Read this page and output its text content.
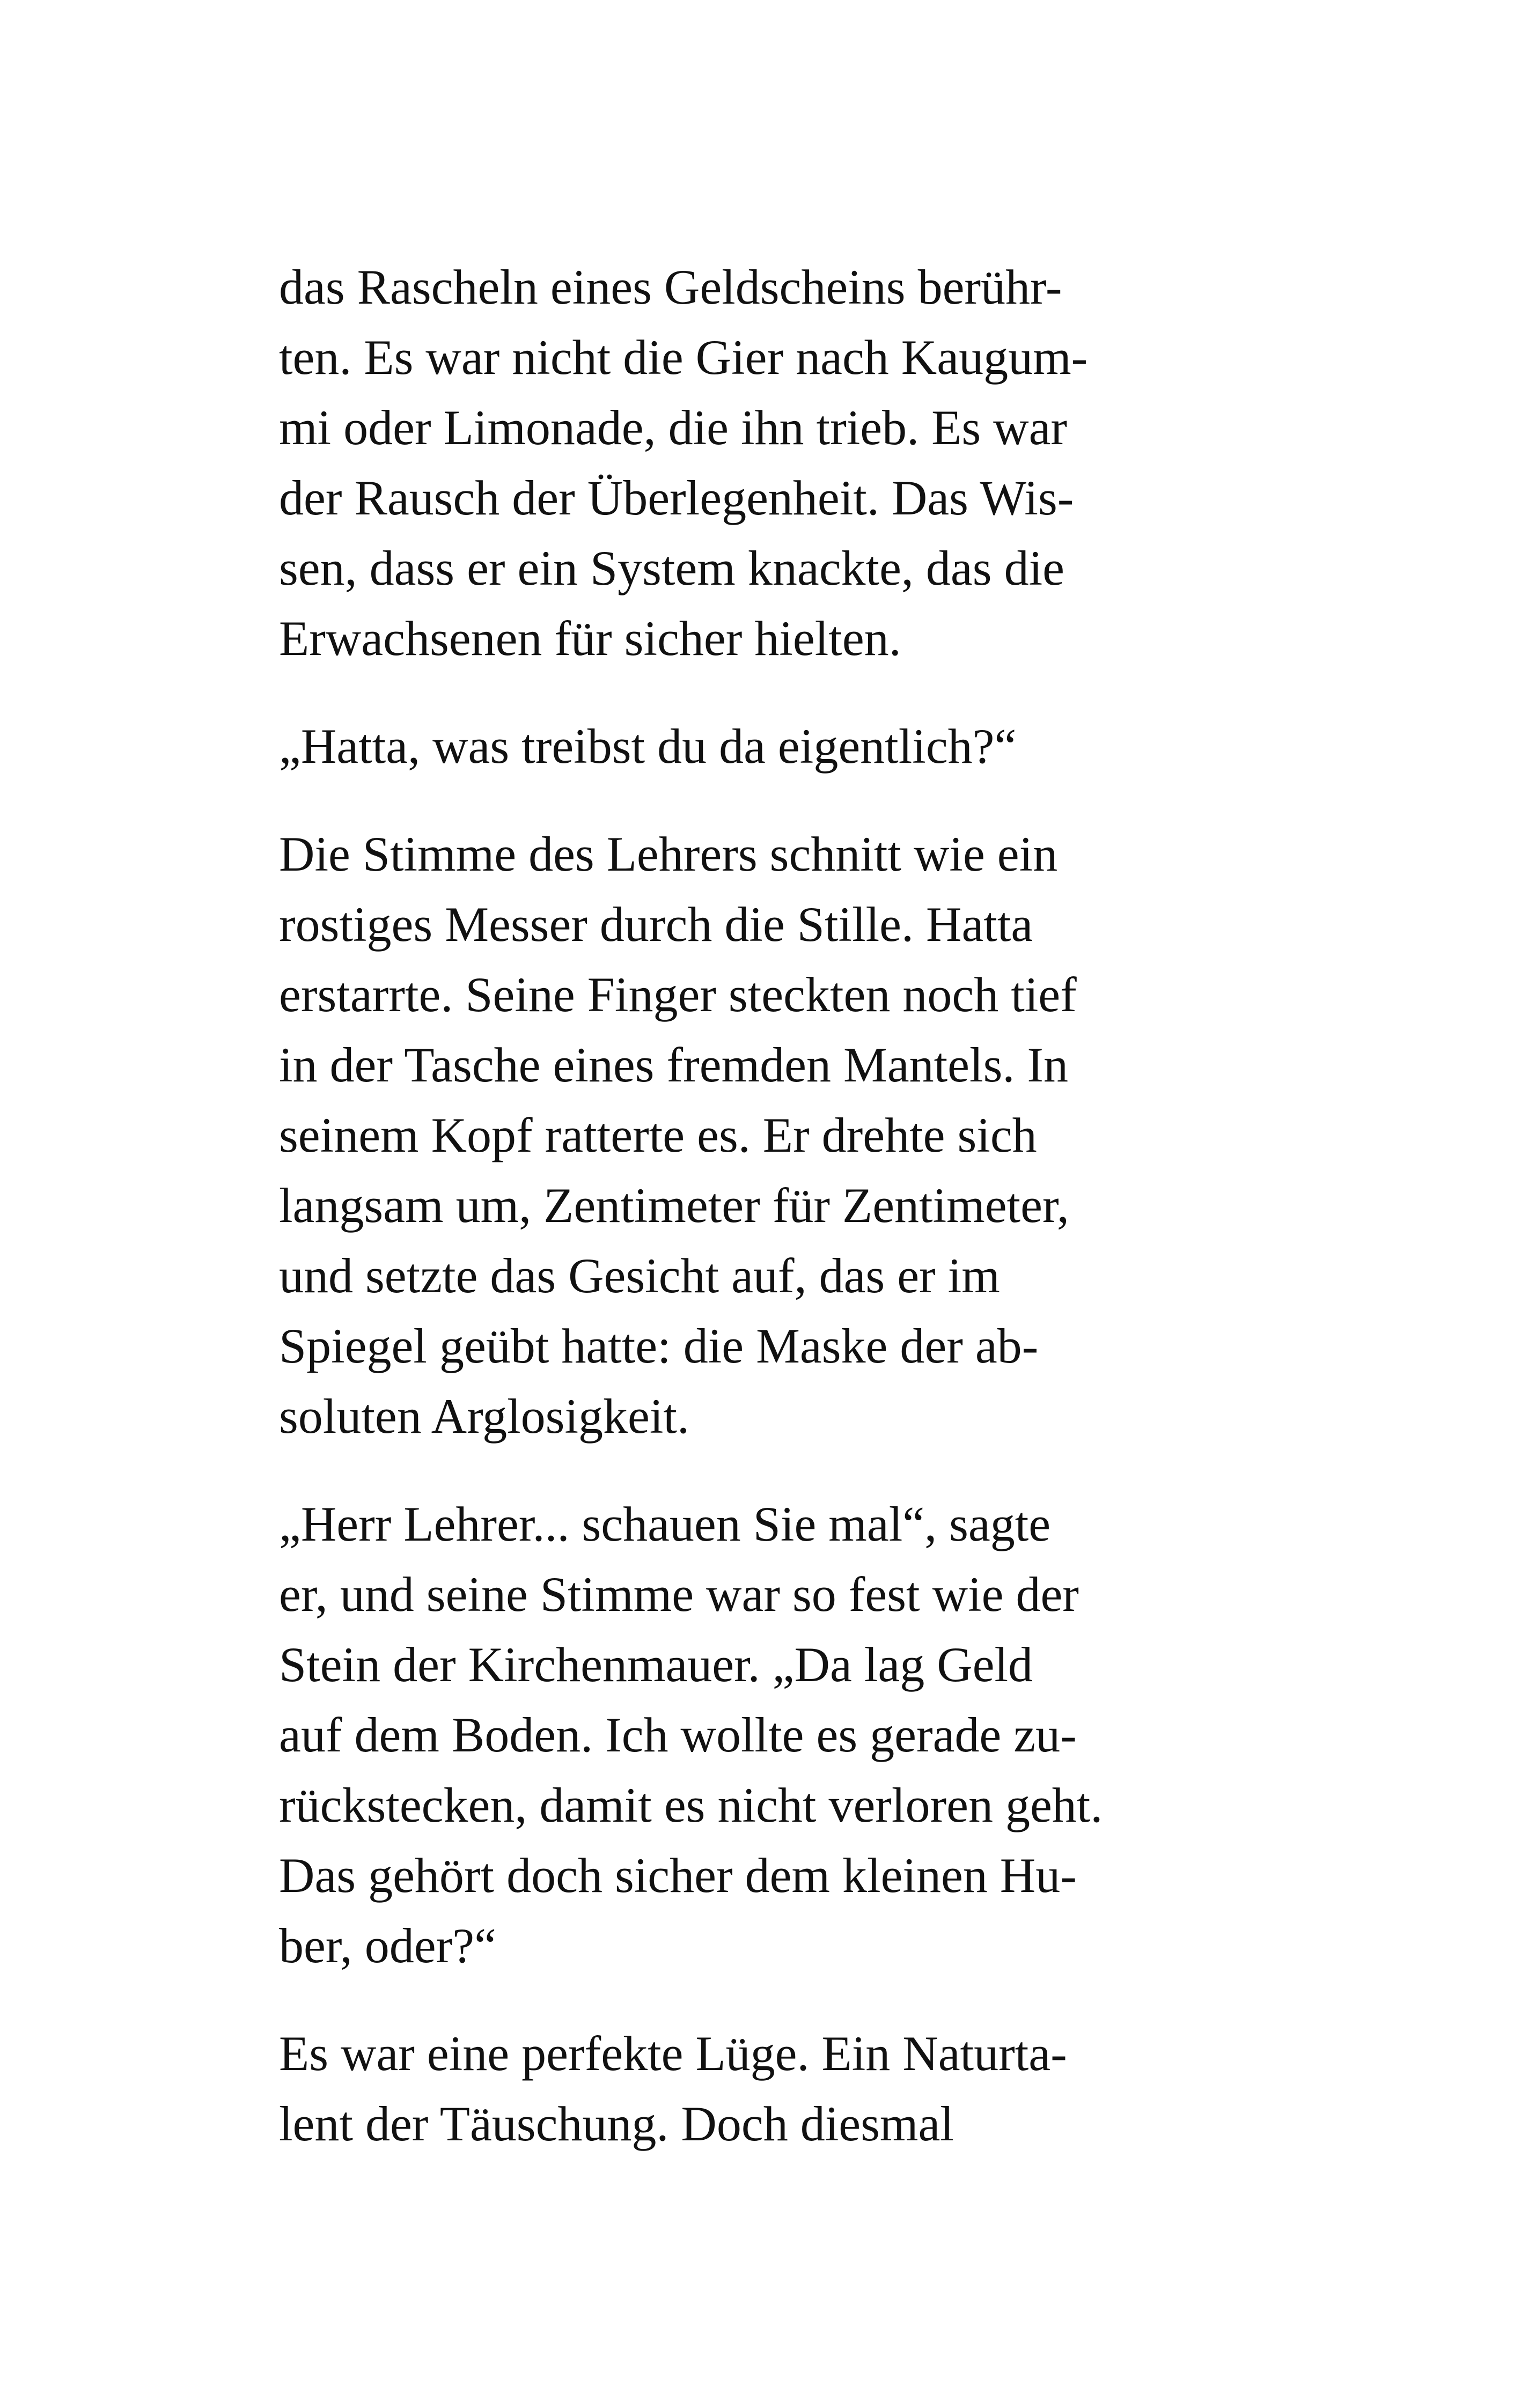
das Rascheln eines Geldscheins berühr-
ten. Es war nicht die Gier nach Kaugum-
mi oder Limonade, die ihn trieb. Es war
der Rausch der Überlegenheit. Das Wis-
sen, dass er ein System knackte, das die
Erwachsenen für sicher hielten.

„Hatta, was treibst du da eigentlich?“

Die Stimme des Lehrers schnitt wie ein
rostiges Messer durch die Stille. Hatta
erstarrte. Seine Finger steckten noch tief
in der Tasche eines fremden Mantels. In
seinem Kopf ratterte es. Er drehte sich
langsam um, Zentimeter für Zentimeter,
und setzte das Gesicht auf, das er im
Spiegel geübt hatte: die Maske der ab-
soluten Arglosigkeit.

„Herr Lehrer... schauen Sie mal“, sagte
er, und seine Stimme war so fest wie der
Stein der Kirchenmauer. „Da lag Geld
auf dem Boden. Ich wollte es gerade zu-
rückstecken, damit es nicht verloren geht.
Das gehört doch sicher dem kleinen Hu-
ber, oder?“

Es war eine perfekte Lüge. Ein Naturta-
lent der Täuschung. Doch diesmal
